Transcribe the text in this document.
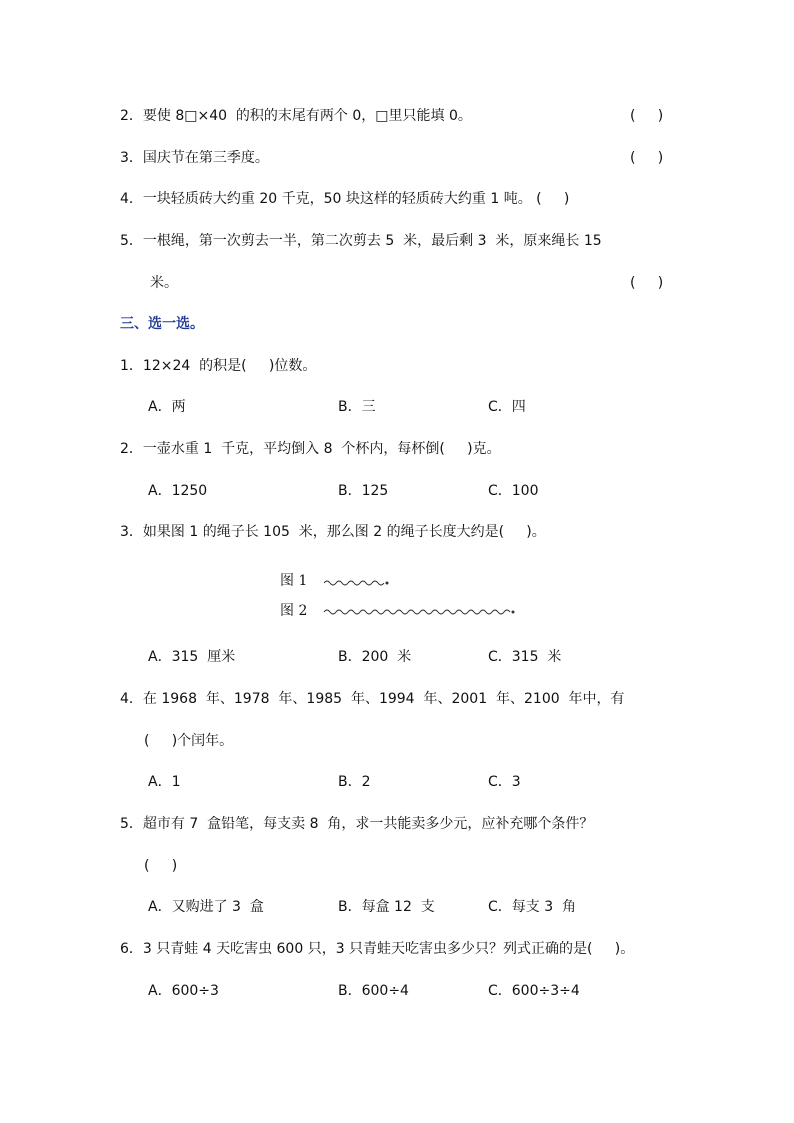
2．要使 8□×40  的积的末尾有两个 0，□里只能填 0。	(     )
3．国庆节在第三季度。	(     )
4．一块轻质砖大约重 20 千克，50 块这样的轻质砖大约重 1 吨。 (     )
5．一根绳，第一次剪去一半，第二次剪去 5  米，最后剩 3  米，原来绳长 15
米。	(     )
三、选一选。
1．12×24  的积是(     )位数。
A．两	B．三	C．四
2．一壶水重 1  千克，平均倒入 8  个杯内，每杯倒(     )克。
A．1250	B．125	C．100
3．如果图 1 的绳子长 105  米，那么图 2 的绳子长度大约是(     )。
图 1
图 2
A．315  厘米	B．200  米	C．315  米
4．在 1968  年、1978  年、1985  年、1994  年、2001  年、2100  年中，有
(     )个闰年。
A．1	B．2	C．3
5．超市有 7  盒铅笔，每支卖 8  角，求一共能卖多少元，应补充哪个条件？
(     )
A．又购进了 3  盒	B．每盒 12  支	C．每支 3  角
6．3 只青蛙 4 天吃害虫 600 只，3 只青蛙天吃害虫多少只？列式正确的是(     )。
A．600÷3	B．600÷4	C．600÷3÷4
